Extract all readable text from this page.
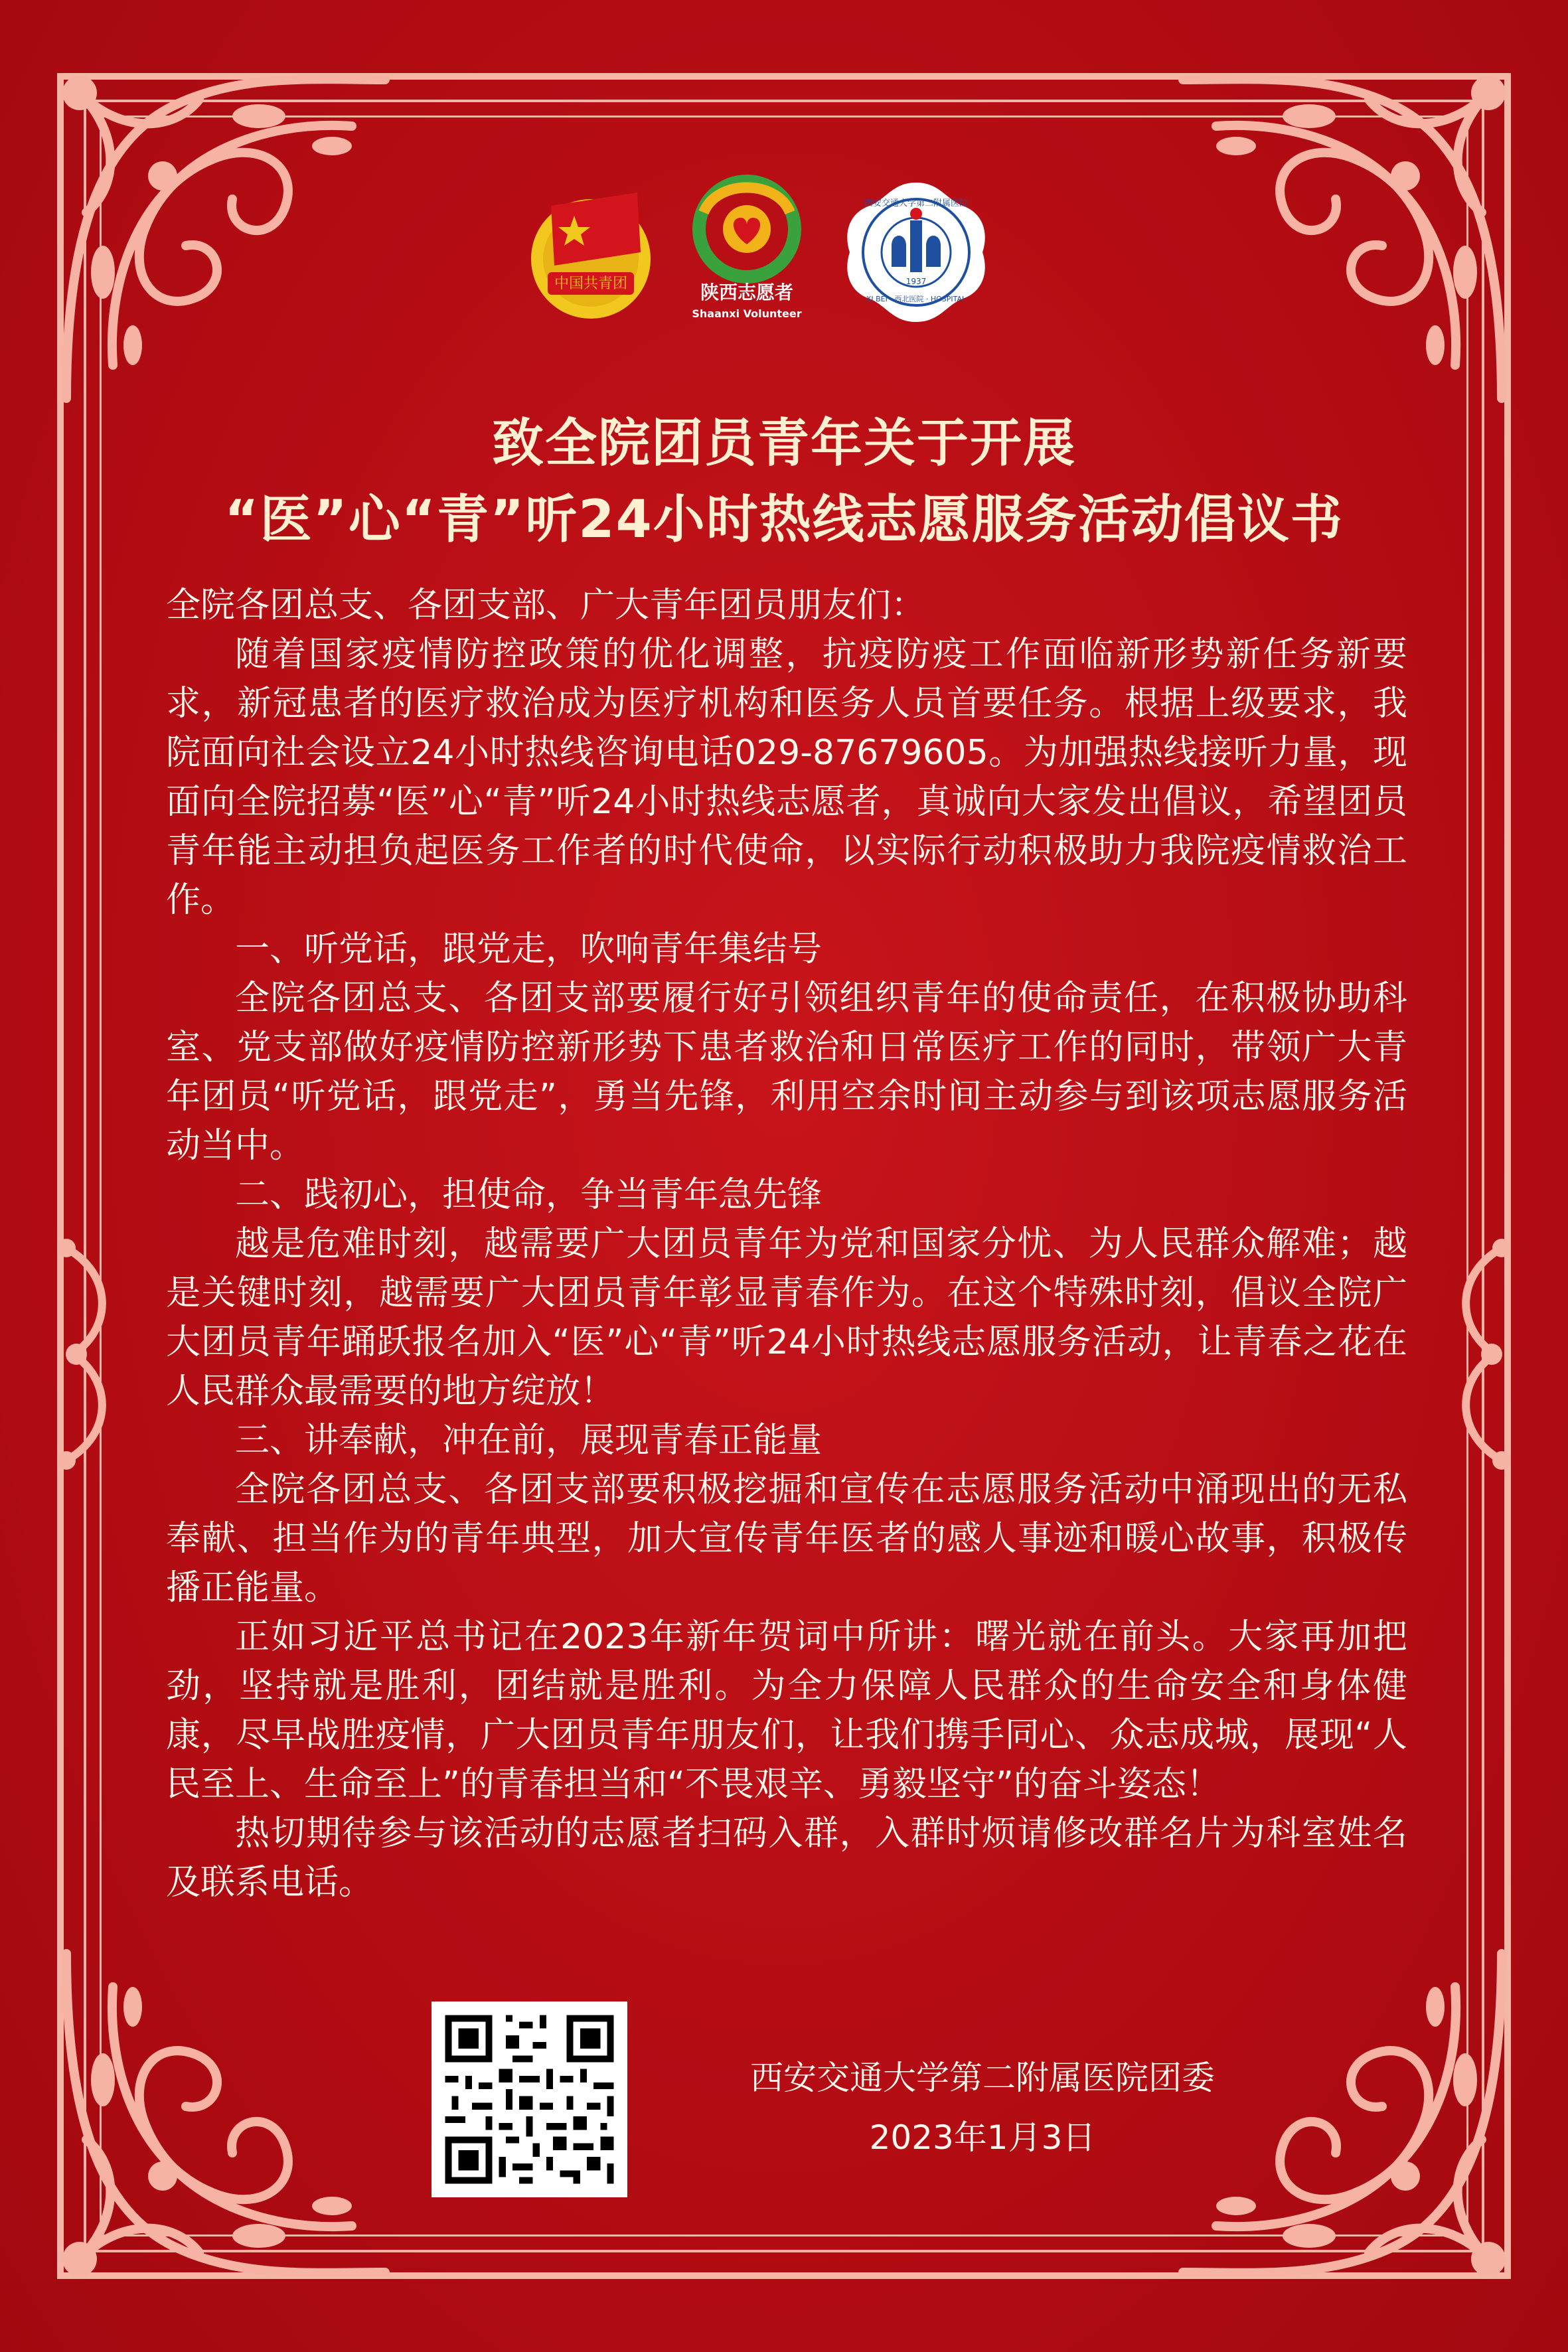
中国共青团	陕西志愿者
Shaanxi Volunteer
1937
西安交通大学第二附属医院
XI BEI · 西北医院 · HOSPITAL
致全院团员青年关于开展
“医”心“青”听24小时热线志愿服务活动倡议书

全院各团总支、各团支部、广大青年团员朋友们：

随着国家疫情防控政策的优化调整，抗疫防疫工作面临新形势新任务新要求，新冠患者的医疗救治成为医疗机构和医务人员首要任务。根据上级要求，我院面向社会设立24小时热线咨询电话029-87679605。为加强热线接听力量，现面向全院招募“医”心“青”听24小时热线志愿者，真诚向大家发出倡议，希望团员青年能主动担负起医务工作者的时代使命，以实际行动积极助力我院疫情救治工作。

一、听党话，跟党走，吹响青年集结号

全院各团总支、各团支部要履行好引领组织青年的使命责任，在积极协助科室、党支部做好疫情防控新形势下患者救治和日常医疗工作的同时，带领广大青年团员“听党话，跟党走”，勇当先锋，利用空余时间主动参与到该项志愿服务活动当中。

二、践初心，担使命，争当青年急先锋

越是危难时刻，越需要广大团员青年为党和国家分忧、为人民群众解难；越是关键时刻，越需要广大团员青年彰显青春作为。在这个特殊时刻，倡议全院广大团员青年踊跃报名加入“医”心“青”听24小时热线志愿服务活动，让青春之花在人民群众最需要的地方绽放！

三、讲奉献，冲在前，展现青春正能量

全院各团总支、各团支部要积极挖掘和宣传在志愿服务活动中涌现出的无私奉献、担当作为的青年典型，加大宣传青年医者的感人事迹和暖心故事，积极传播正能量。

正如习近平总书记在2023年新年贺词中所讲：曙光就在前头。大家再加把劲，坚持就是胜利，团结就是胜利。为全力保障人民群众的生命安全和身体健康，尽早战胜疫情，广大团员青年朋友们，让我们携手同心、众志成城，展现“人民至上、生命至上”的青春担当和“不畏艰辛、勇毅坚守”的奋斗姿态！

热切期待参与该活动的志愿者扫码入群，入群时烦请修改群名片为科室姓名及联系电话。

西安交通大学第二附属医院团委
2023年1月3日
